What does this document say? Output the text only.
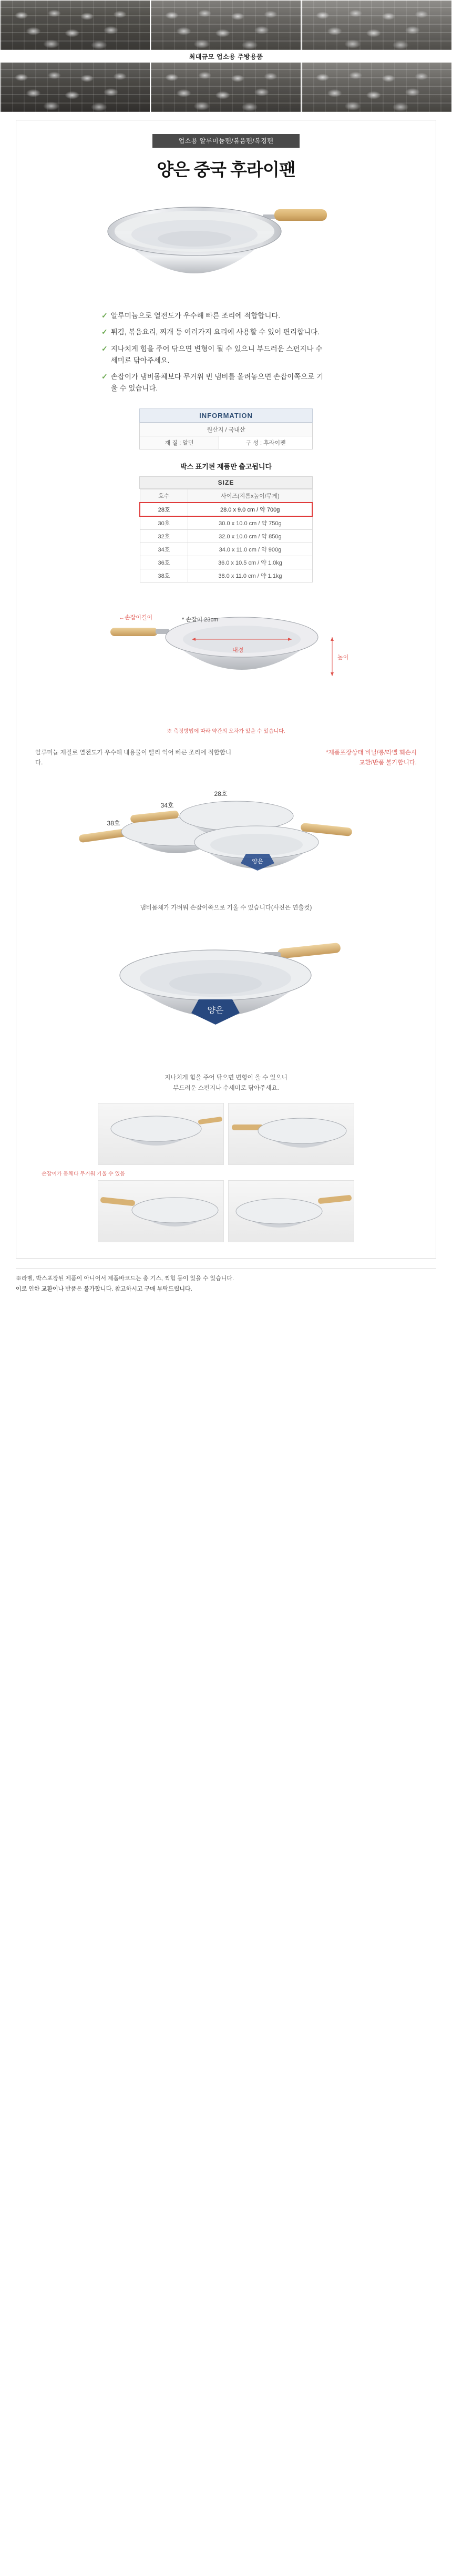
최대규모 업소용 주방용품
업소용 알루미늄팬/볶음팬/복경팬
양은 중국 후라이팬
✓ 알루미늄으로 열전도가 우수해 빠른 조리에 적합합니다.
✓ 튀김, 볶음요리, 찌개 등 여러가지 요리에 사용할 수 있어 편리합니다.
✓ 지나치게 힘을 주어 닦으면 변형이 될 수 있으니 부드러운 스펀지나 수세미로 닦아주세요.
✓ 손잡이가 냄비몸체보다 무거워 빈 냄비를 올려놓으면 손잡이쪽으로 기울 수 있습니다.
INFORMATION
원산지 / 국내산
재 질 : 알민	구 성 : 후라이팬
박스 표기된 제품만 출고됩니다
SIZE
호수	사이즈(지름x높이/무게)
28호	28.0 x 9.0 cm / 약 700g
30호	30.0 x 10.0 cm / 약 750g
32호	32.0 x 10.0 cm / 약 850g
34호	34.0 x 11.0 cm / 약 900g
36호	36.0 x 10.5 cm / 약 1.0kg
38호	38.0 x 11.0 cm / 약 1.1kg
←손잡이길이	* 손잡이 23cm
내경
높이
※ 측정방법에 따라 약간의 오차가 있을 수 있습니다.
알루미늄 재질로 열전도가 우수해 내용물이 빨리 익어 빠른 조리에 적합합니다.
*제품포장상태 비닐/롱/라벨 훼손시
교환/반품 불가합니다.
양은
34호
28호
38호
냄비몸체가 가벼워 손잡이쪽으로 기울 수 있습니다(사진은 연출컷)
양은
지나치게 힘을 주어 닦으면 변형이 올 수 있으니
부드러운 스펀지나 수세미로 닦아주세요.
손잡이가 몸체다 무거워 기울 수 있음
※라벨, 박스포장된 제품이 아니어서 제품바코드는 총 기스, 찍힘 등이 있을 수 있습니다.
이로 인한 교환이나 반품은 불가합니다. 참고하시고 구매 부탁드립니다.
